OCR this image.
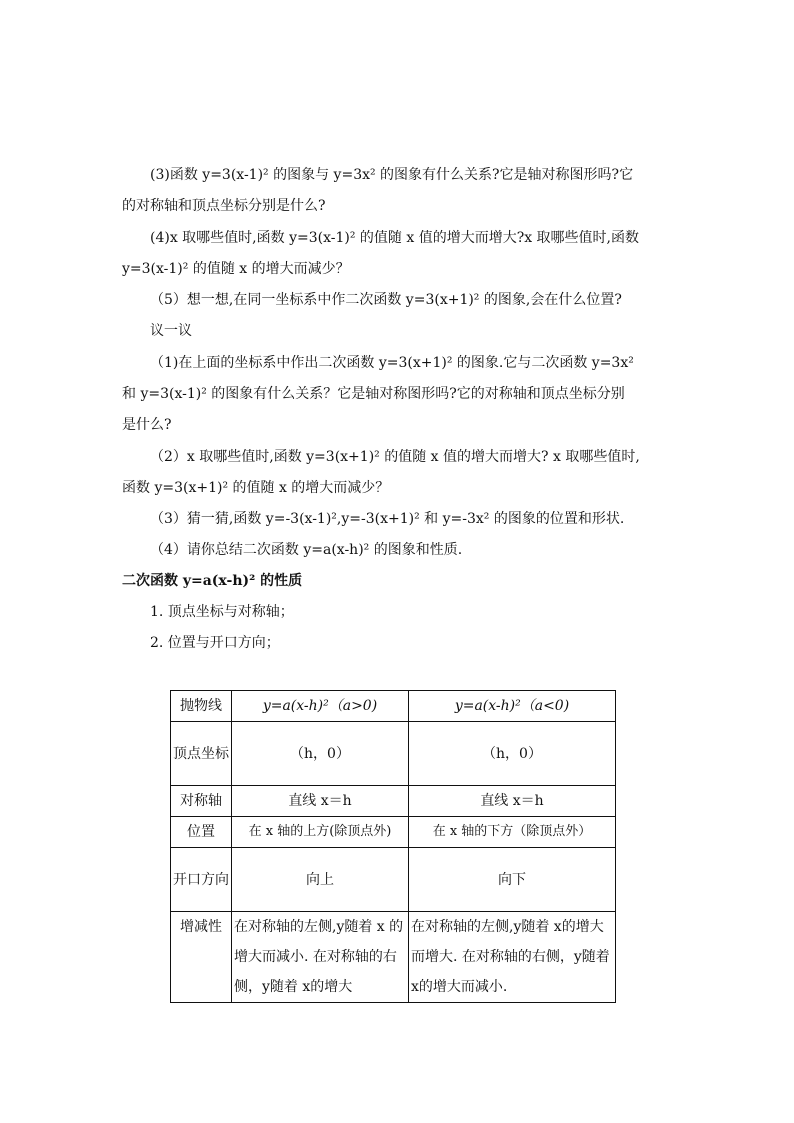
(3)函数 y=3(x-1)² 的图象与 y=3x² 的图象有什么关系?它是轴对称图形吗?它
的对称轴和顶点坐标分别是什么?
(4)x 取哪些值时,函数 y=3(x-1)² 的值随 x 值的增大而增大?x 取哪些值时,函数
y=3(x-1)² 的值随 x 的增大而减少？
（5）想一想,在同一坐标系中作二次函数 y=3(x+1)² 的图象,会在什么位置?
议一议
（1)在上面的坐标系中作出二次函数 y=3(x+1)² 的图象.它与二次函数 y=3x²
和 y=3(x-1)² 的图象有什么关系？它是轴对称图形吗?它的对称轴和顶点坐标分别
是什么?
（2）x 取哪些值时,函数 y=3(x+1)² 的值随 x 值的增大而增大? x 取哪些值时,
函数 y=3(x+1)² 的值随 x 的增大而减少？
（3）猜一猜,函数 y=-3(x-1)²,y=-3(x+1)² 和 y=-3x² 的图象的位置和形状.
（4）请你总结二次函数 y=a(x-h)² 的图象和性质.
二次函数 y=a(x-h)² 的性质
1. 顶点坐标与对称轴；
2. 位置与开口方向；
抛物线	y=a(x-h)²（a>0)	y=a(x-h)²（a<0)
顶点坐标	（h，0）	（h，0）
对称轴	直线 x＝h	直线 x＝h
位置	在 x 轴的上方(除顶点外)	在 x 轴的下方（除顶点外）
开口方向	向上	向下
增减性	在对称轴的左侧,y随着 x 的增大而减小. 在对称轴的右侧，y随着 x的增大	在对称轴的左侧,y随着 x的增大而增大. 在对称轴的右侧，y随着 x的增大而减小.
